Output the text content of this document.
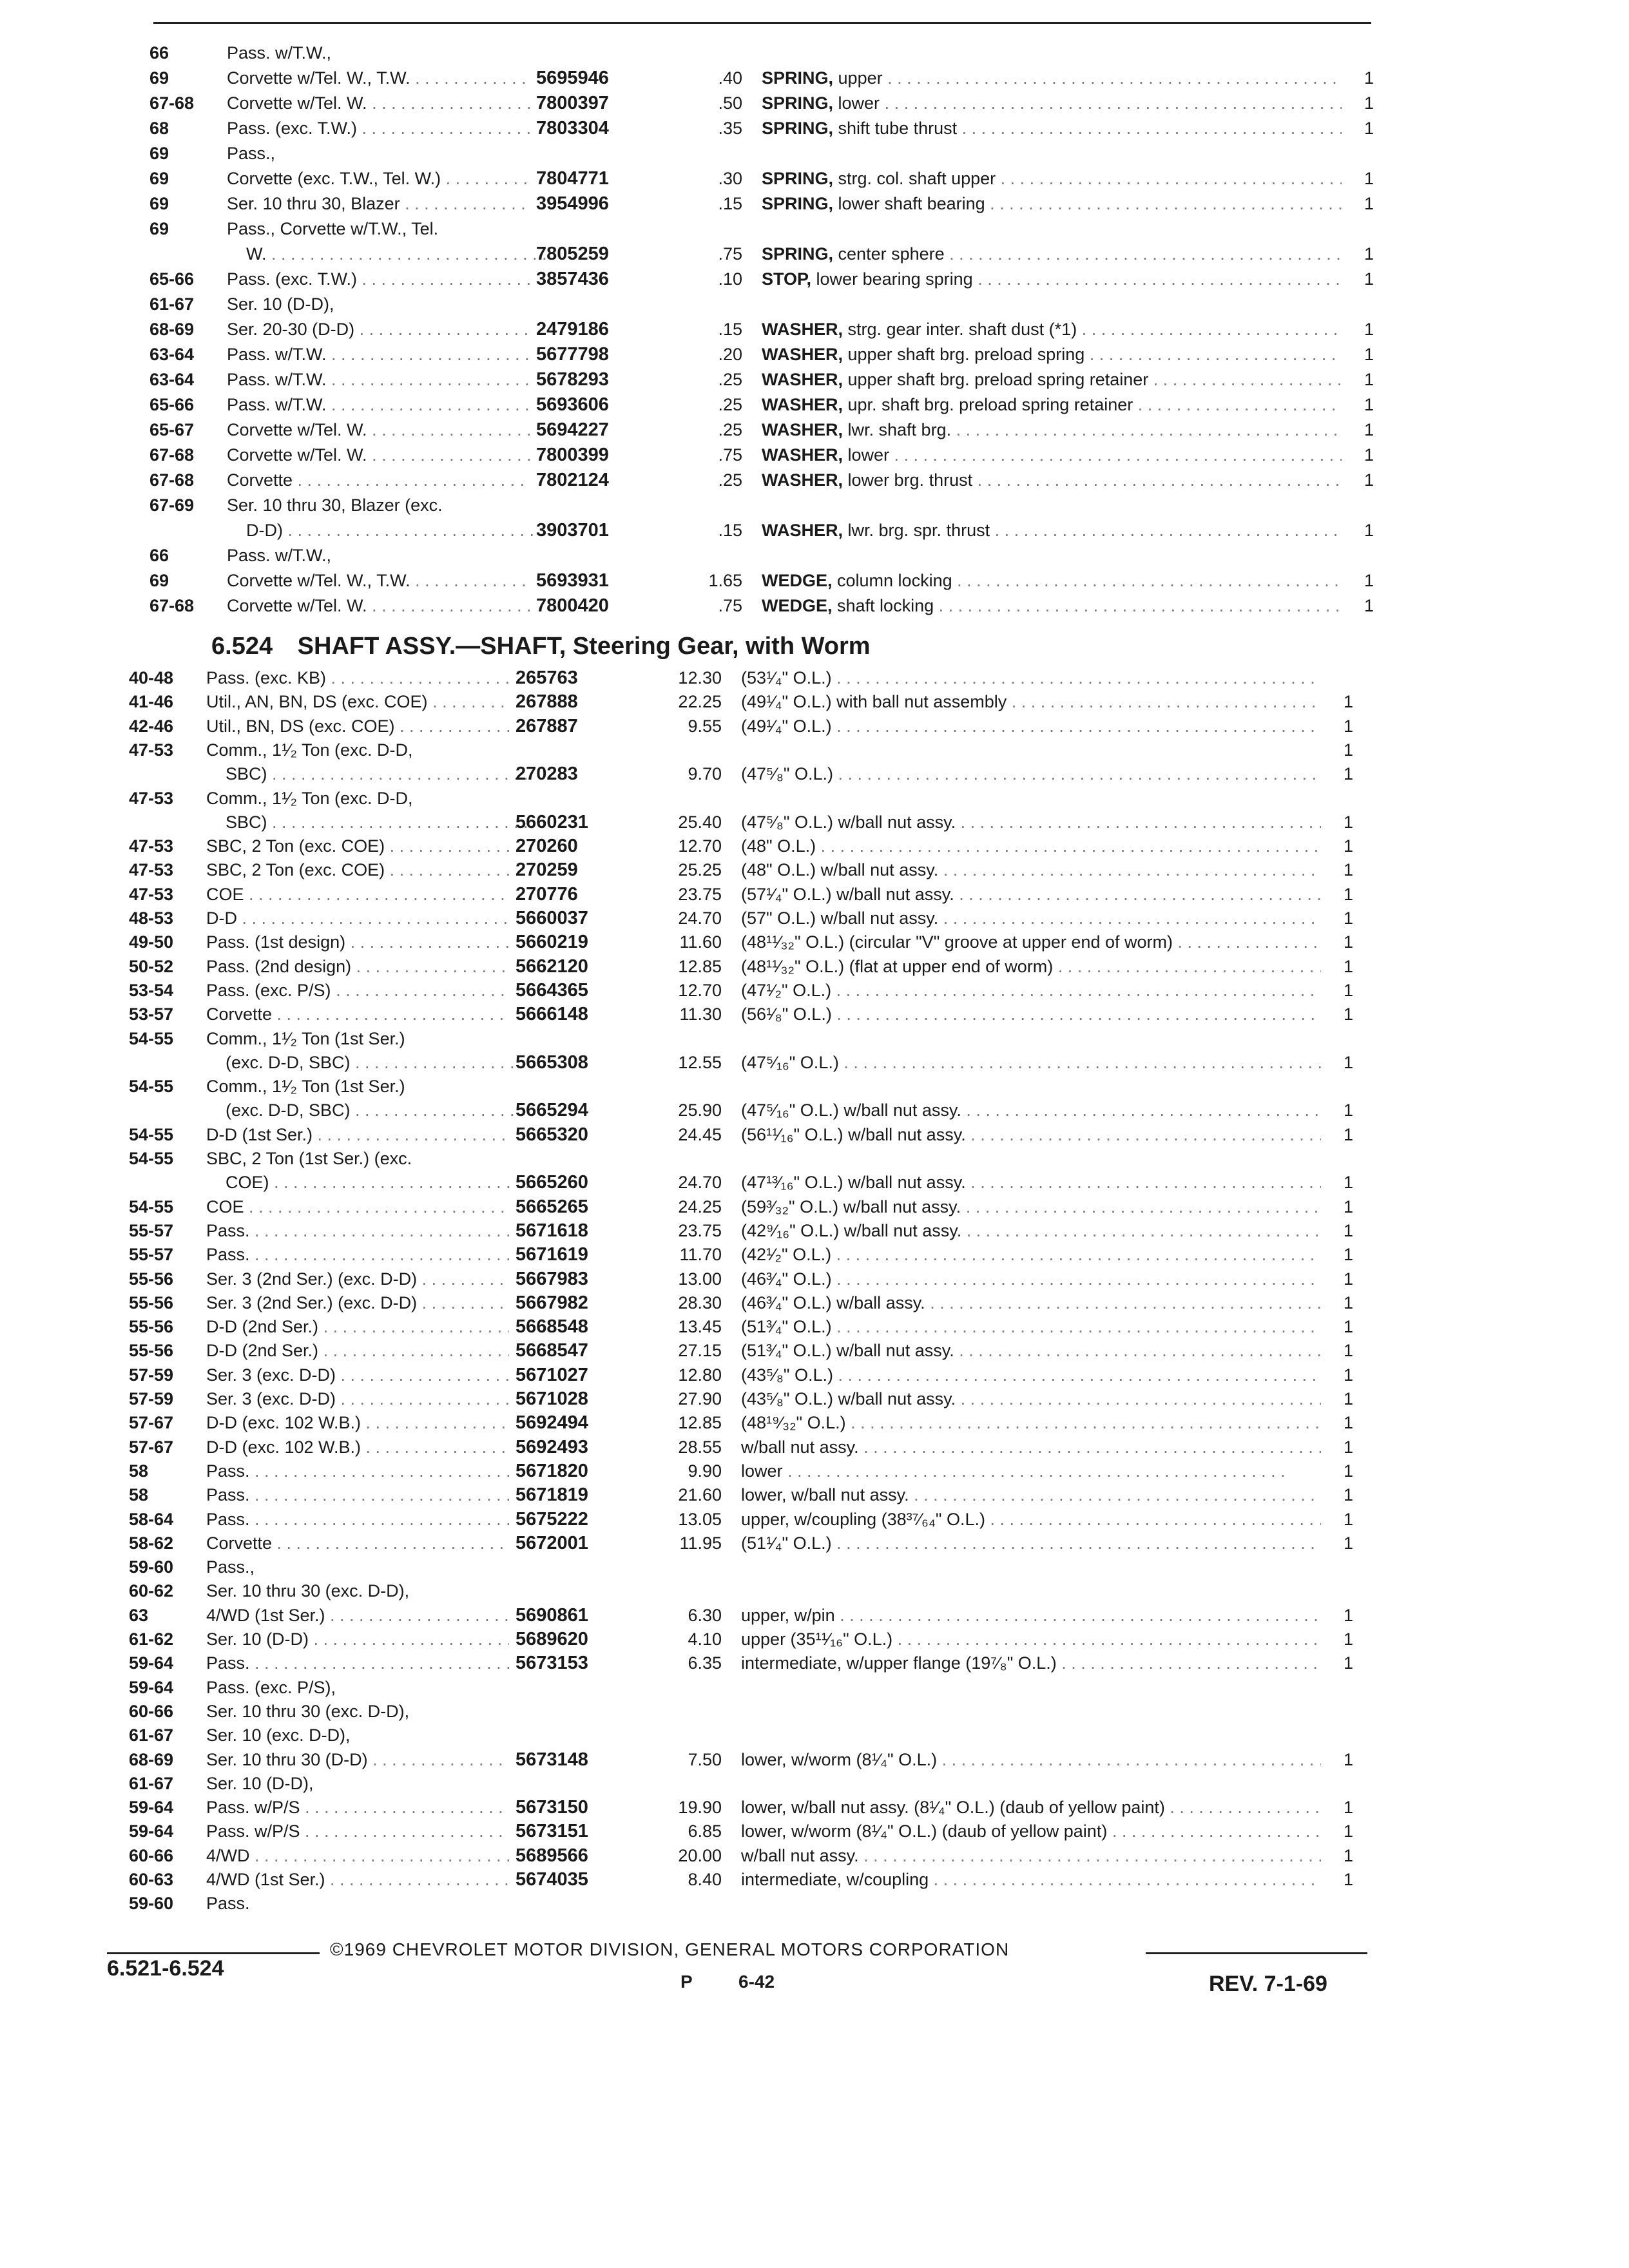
66	Pass. w/T.W.,
69	Corvette w/Tel. W., T.W. . . .	5695946	.40 SPRING, upper . . .	1
67-68 Corvette w/Tel. W. . . .	7800397	.50 SPRING, lower . . .	1
68	Pass. (exc. T.W.) . . .	7803304	.35 SPRING, shift tube thrust . . .	1
69	Pass.,
69	Corvette (exc. T.W., Tel. W.) . . .	7804771	.30 SPRING, strg. col. shaft upper . . .	1
69	Ser. 10 thru 30, Blazer . . .	3954996	.15 SPRING, lower shaft bearing . . .	1
69	Pass., Corvette w/T.W., Tel.
W. . . .	7805259	.75 SPRING, center sphere . . .	1
65-66 Pass. (exc. T.W.) . . .	3857436	.10 STOP, lower bearing spring . . .	1
61-67 Ser. 10 (D-D),
68-69 Ser. 20-30 (D-D) . . .	2479186	.15 WASHER, strg. gear inter. shaft dust (*1) . . .	1
63-64 Pass. w/T.W. . . .	5677798	.20 WASHER, upper shaft brg. preload spring . . .	1
63-64 Pass. w/T.W. . . .	5678293	.25 WASHER, upper shaft brg. preload spring retainer . . .	1
65-66 Pass. w/T.W. . . .	5693606	.25 WASHER, upr. shaft brg. preload spring retainer . . .	1
65-67 Corvette w/Tel. W. . . .	5694227	.25 WASHER, lwr. shaft brg. . . .	1
67-68 Corvette w/Tel. W. . . .	7800399	.75 WASHER, lower . . .	1
67-68 Corvette . . .	7802124	.25 WASHER, lower brg. thrust . . .	1
67-69 Ser. 10 thru 30, Blazer (exc.
D-D) . . .	3903701	.15 WASHER, lwr. brg. spr. thrust . . .	1
66	Pass. w/T.W.,
69	Corvette w/Tel. W., T.W. . . .	5693931	1.65 WEDGE, column locking . . .	1
67-68 Corvette w/Tel. W. . . .	7800420	.75 WEDGE, shaft locking . . .	1
6.524 SHAFT ASSY.—SHAFT, Steering Gear, with Worm
40-48 Pass. (exc. KB) . . .	265763	12.30 (53¹⁄₄" O.L.) . . .
41-46 Util., AN, BN, DS (exc. COE) . . .	267888	22.25 (49¹⁄₄" O.L.) with ball nut assembly . . .	1
42-46 Util., BN, DS (exc. COE) . . .	267887	9.55 (49¹⁄₄" O.L.) . . .	1
47-53 Comm., 1¹⁄₂ Ton (exc. D-D,	1
SBC) . . .	270283	9.70 (47⁵⁄₈" O.L.) . . .	1
47-53 Comm., 1¹⁄₂ Ton (exc. D-D,
SBC) . . .	5660231	25.40 (47⁵⁄₈" O.L.) w/ball nut assy. . . .	1
47-53 SBC, 2 Ton (exc. COE) . . .	270260	12.70 (48" O.L.) . . .	1
47-53 SBC, 2 Ton (exc. COE) . . .	270259	25.25 (48" O.L.) w/ball nut assy. . . .	1
47-53 COE . . .	270776	23.75 (57¹⁄₄" O.L.) w/ball nut assy. . . .	1
48-53 D-D . . .	5660037	24.70 (57" O.L.) w/ball nut assy. . . .	1
49-50 Pass. (1st design) . . .	5660219	11.60 (48¹¹⁄₃₂" O.L.) (circular "V" groove at upper end of worm) . . .	1
50-52 Pass. (2nd design) . . .	5662120	12.85 (48¹¹⁄₃₂" O.L.) (flat at upper end of worm) . . .	1
53-54 Pass. (exc. P/S) . . .	5664365	12.70 (47¹⁄₂" O.L.) . . .	1
53-57 Corvette . . .	5666148	11.30 (56¹⁄₈" O.L.) . . .	1
54-55 Comm., 1¹⁄₂ Ton (1st Ser.)
(exc. D-D, SBC) . . .	5665308	12.55 (47⁵⁄₁₆" O.L.) . . .	1
54-55 Comm., 1¹⁄₂ Ton (1st Ser.)
(exc. D-D, SBC) . . .	5665294	25.90 (47⁵⁄₁₆" O.L.) w/ball nut assy. . . .	1
54-55 D-D (1st Ser.) . . .	5665320	24.45 (56¹¹⁄₁₆" O.L.) w/ball nut assy. . . .	1
54-55 SBC, 2 Ton (1st Ser.) (exc.
COE) . . .	5665260	24.70 (47¹³⁄₁₆" O.L.) w/ball nut assy. . . .	1
54-55 COE . . .	5665265	24.25 (59³⁄₃₂" O.L.) w/ball nut assy. . . .	1
55-57 Pass. . . .	5671618	23.75 (42⁹⁄₁₆" O.L.) w/ball nut assy. . . .	1
55-57 Pass. . . .	5671619	11.70 (42¹⁄₂" O.L.) . . .	1
55-56 Ser. 3 (2nd Ser.) (exc. D-D) . . .	5667983	13.00 (46³⁄₄" O.L.) . . .	1
55-56 Ser. 3 (2nd Ser.) (exc. D-D) . . .	5667982	28.30 (46³⁄₄" O.L.) w/ball assy. . . .	1
55-56 D-D (2nd Ser.) . . .	5668548	13.45 (51³⁄₄" O.L.) . . .	1
55-56 D-D (2nd Ser.) . . .	5668547	27.15 (51³⁄₄" O.L.) w/ball nut assy. . . .	1
57-59 Ser. 3 (exc. D-D) . . .	5671027	12.80 (43⁵⁄₈" O.L.) . . .	1
57-59 Ser. 3 (exc. D-D) . . .	5671028	27.90 (43⁵⁄₈" O.L.) w/ball nut assy. . . .	1
57-67 D-D (exc. 102 W.B.) . . .	5692494	12.85 (48¹⁹⁄₃₂" O.L.) . . .	1
57-67 D-D (exc. 102 W.B.) . . .	5692493	28.55 w/ball nut assy. . . .	1
58	Pass. . . .	5671820	9.90 lower . . .	1
58	Pass. . . .	5671819	21.60 lower, w/ball nut assy. . . .	1
58-64 Pass. . . .	5675222	13.05 upper, w/coupling (38³⁷⁄₆₄" O.L.) . . .	1
58-62 Corvette . . .	5672001	11.95 (51¹⁄₄" O.L.) . . .	1
59-60 Pass.,
60-62 Ser. 10 thru 30 (exc. D-D),
63	4/WD (1st Ser.) . . .	5690861	6.30 upper, w/pin . . .	1
61-62 Ser. 10 (D-D) . . .	5689620	4.10 upper (35¹¹⁄₁₆" O.L.) . . .	1
59-64 Pass. . . .	5673153	6.35 intermediate, w/upper flange (19⁷⁄₈" O.L.) . . .	1
59-64 Pass. (exc. P/S),
60-66 Ser. 10 thru 30 (exc. D-D),
61-67 Ser. 10 (exc. D-D),
68-69 Ser. 10 thru 30 (D-D) . . .	5673148	7.50 lower, w/worm (8¹⁄₄" O.L.) . . .	1
61-67 Ser. 10 (D-D),
59-64 Pass. w/P/S . . .	5673150	19.90 lower, w/ball nut assy. (8¹⁄₄" O.L.) (daub of yellow paint) . . .	1
59-64 Pass. w/P/S . . .	5673151	6.85 lower, w/worm (8¹⁄₄" O.L.) (daub of yellow paint) . . .	1
60-66 4/WD . . .	5689566	20.00 w/ball nut assy. . . .	1
60-63 4/WD (1st Ser.) . . .	5674035	8.40 intermediate, w/coupling . . .	1
59-60 Pass.
©1969 CHEVROLET MOTOR DIVISION, GENERAL MOTORS CORPORATION
6.521-6.524
P	6-42	REV. 7-1-69
